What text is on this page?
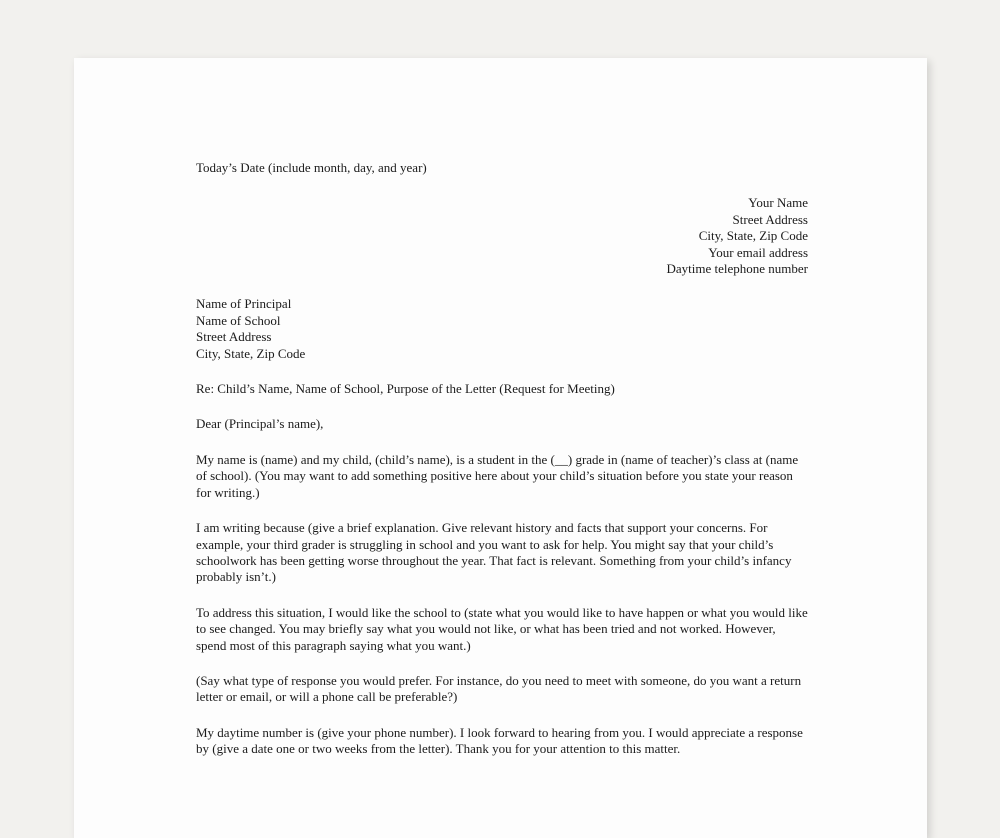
Today’s Date (include month, day, and year)
Your Name
Street Address
City, State, Zip Code
Your email address
Daytime telephone number
Name of Principal
Name of School
Street Address
City, State, Zip Code
Re: Child’s Name, Name of School, Purpose of the Letter (Request for Meeting)
Dear (Principal’s name),

My name is (name) and my child, (child’s name), is a student in the (__) grade in (name of teacher)’s class at (name of school). (You may want to add something positive here about your child’s situation before you state your reason for writing.)

I am writing because (give a brief explanation. Give relevant history and facts that support your concerns. For example, your third grader is struggling in school and you want to ask for help. You might say that your child’s schoolwork has been getting worse throughout the year. That fact is relevant. Something from your child’s infancy probably isn’t.)

To address this situation, I would like the school to (state what you would like to have happen or what you would like to see changed. You may briefly say what you would not like, or what has been tried and not worked. However, spend most of this paragraph saying what you want.)

(Say what type of response you would prefer. For instance, do you need to meet with someone, do you want a return letter or email, or will a phone call be preferable?)

My daytime number is (give your phone number). I look forward to hearing from you. I would appreciate a response by (give a date one or two weeks from the letter). Thank you for your attention to this matter.
